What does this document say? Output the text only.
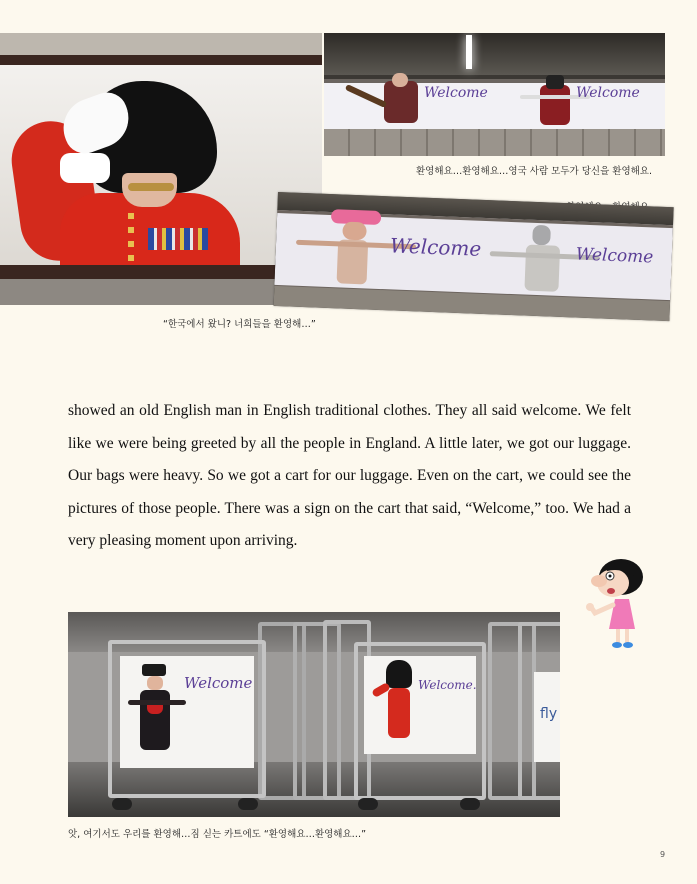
“한국에서 왔니? 너희들을 환영해…”
Welcome	Welcome
환영해요…환영해요…영국 사람 모두가 당신을 환영해요.
Welcome	Welcome

showed an old English man in English traditional clothes. They all said welcome. We felt like we were being greeted by all the people in England. A little later, we got our luggage. Our bags were heavy. So we got a cart for our luggage. Even on the cart, we could see the pictures of those people. There was a sign on the cart that said, “Welcome,” too. We had a very pleasing moment upon arriving.

Welcome	Welcome.
fly
앗, 여기서도 우리를 환영해…짐 싣는 카트에도 “환영해요…환영해요…”
9
